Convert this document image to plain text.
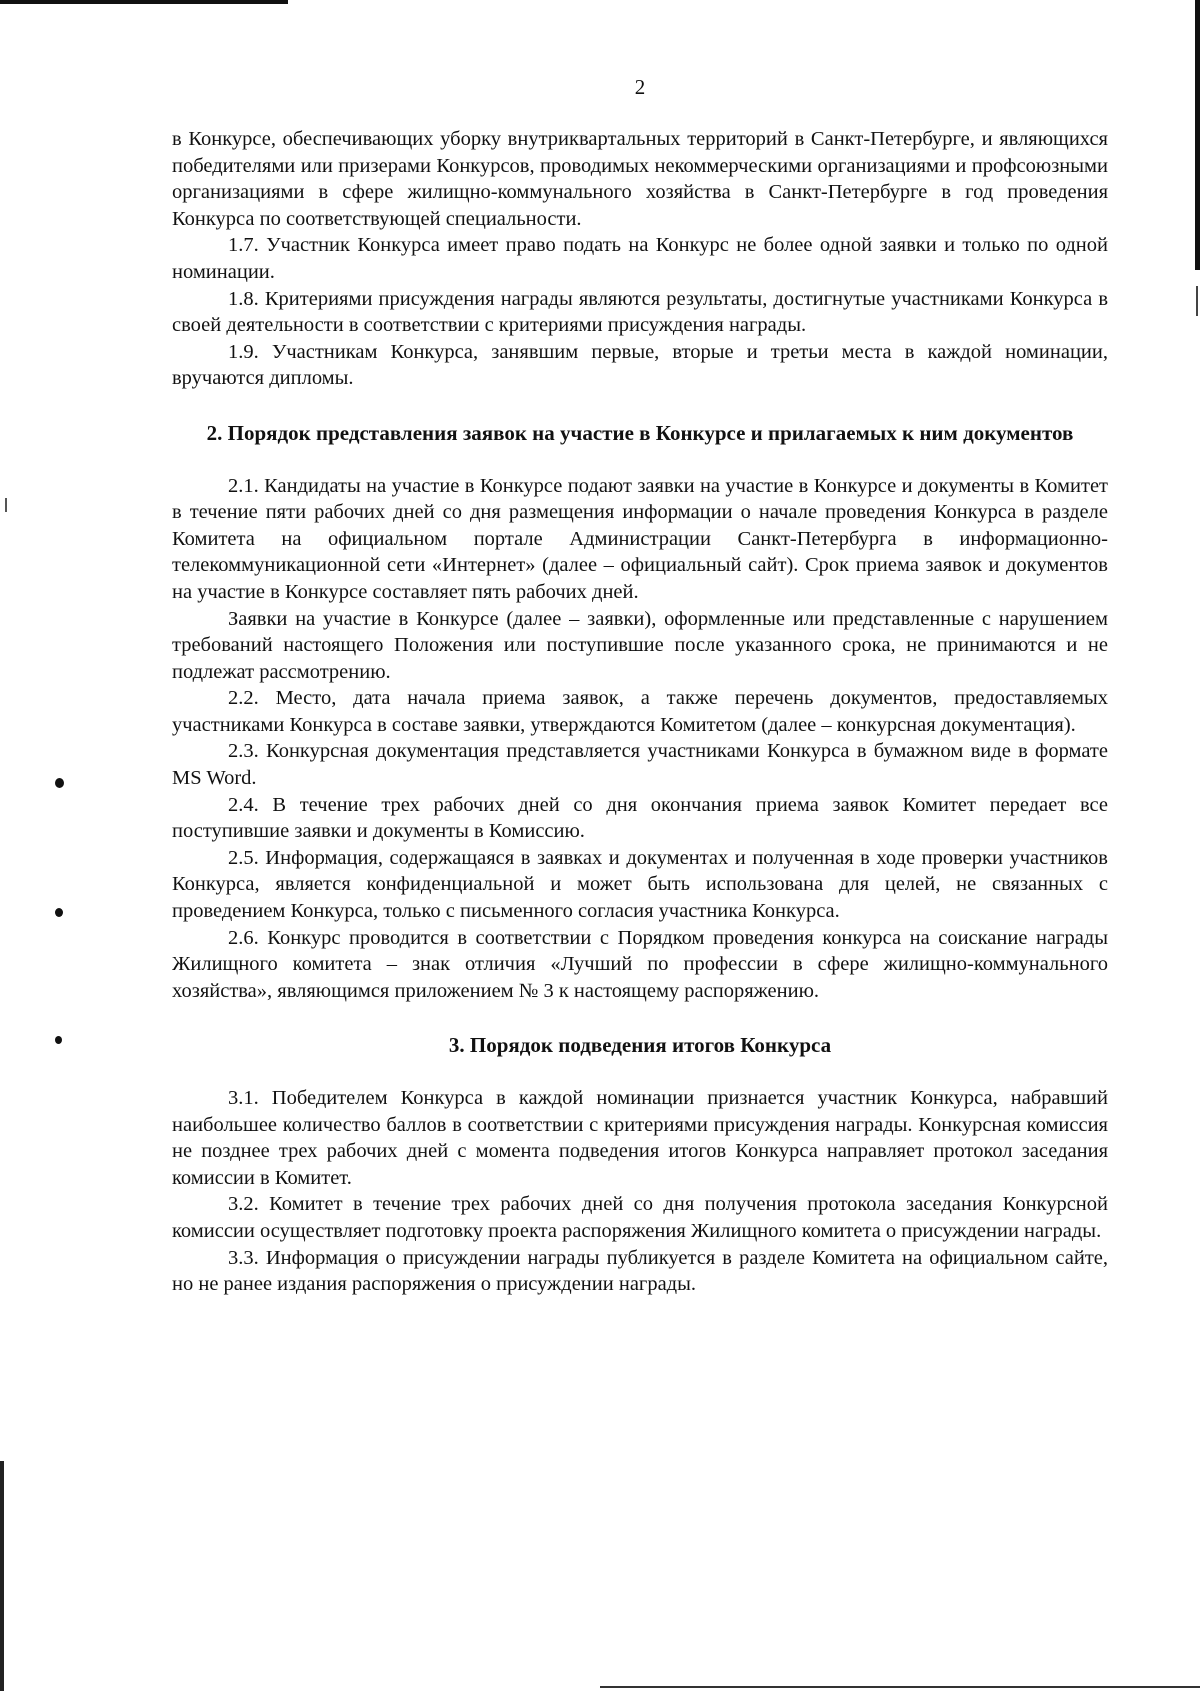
2

в Конкурсе, обеспечивающих уборку внутриквартальных территорий в Санкт-Петербурге, и являющихся победителями или призерами Конкурсов, проводимых некоммерческими организациями и профсоюзными организациями в сфере жилищно-коммунального хозяйства в Санкт-Петербурге в год проведения Конкурса по соответствующей специальности.

1.7. Участник Конкурса имеет право подать на Конкурс не более одной заявки и только по одной номинации.

1.8. Критериями присуждения награды являются результаты, достигнутые участниками Конкурса в своей деятельности в соответствии с критериями присуждения награды.

1.9. Участникам Конкурса, занявшим первые, вторые и третьи места в каждой номинации, вручаются дипломы.

2. Порядок представления заявок на участие в Конкурсе и прилагаемых к ним документов

2.1. Кандидаты на участие в Конкурсе подают заявки на участие в Конкурсе и документы в Комитет в течение пяти рабочих дней со дня размещения информации о начале проведения Конкурса в разделе Комитета на официальном портале Администрации Санкт-Петербурга в информационно-телекоммуникационной сети «Интернет» (далее – официальный сайт). Срок приема заявок и документов на участие в Конкурсе составляет пять рабочих дней.

Заявки на участие в Конкурсе (далее – заявки), оформленные или представленные с нарушением требований настоящего Положения или поступившие после указанного срока, не принимаются и не подлежат рассмотрению.

2.2. Место, дата начала приема заявок, а также перечень документов, предоставляемых участниками Конкурса в составе заявки, утверждаются Комитетом (далее – конкурсная документация).

2.3. Конкурсная документация представляется участниками Конкурса в бумажном виде в формате MS Word.

2.4. В течение трех рабочих дней со дня окончания приема заявок Комитет передает все поступившие заявки и документы в Комиссию.

2.5. Информация, содержащаяся в заявках и документах и полученная в ходе проверки участников Конкурса, является конфиденциальной и может быть использована для целей, не связанных с проведением Конкурса, только с письменного согласия участника Конкурса.

2.6. Конкурс проводится в соответствии с Порядком проведения конкурса на соискание награды Жилищного комитета – знак отличия «Лучший по профессии в сфере жилищно-коммунального хозяйства», являющимся приложением № 3 к настоящему распоряжению.

3. Порядок подведения итогов Конкурса

3.1. Победителем Конкурса в каждой номинации признается участник Конкурса, набравший наибольшее количество баллов в соответствии с критериями присуждения награды. Конкурсная комиссия не позднее трех рабочих дней с момента подведения итогов Конкурса направляет протокол заседания комиссии в Комитет.

3.2. Комитет в течение трех рабочих дней со дня получения протокола заседания Конкурсной комиссии осуществляет подготовку проекта распоряжения Жилищного комитета о присуждении награды.

3.3. Информация о присуждении награды публикуется в разделе Комитета на официальном сайте, но не ранее издания распоряжения о присуждении награды.
